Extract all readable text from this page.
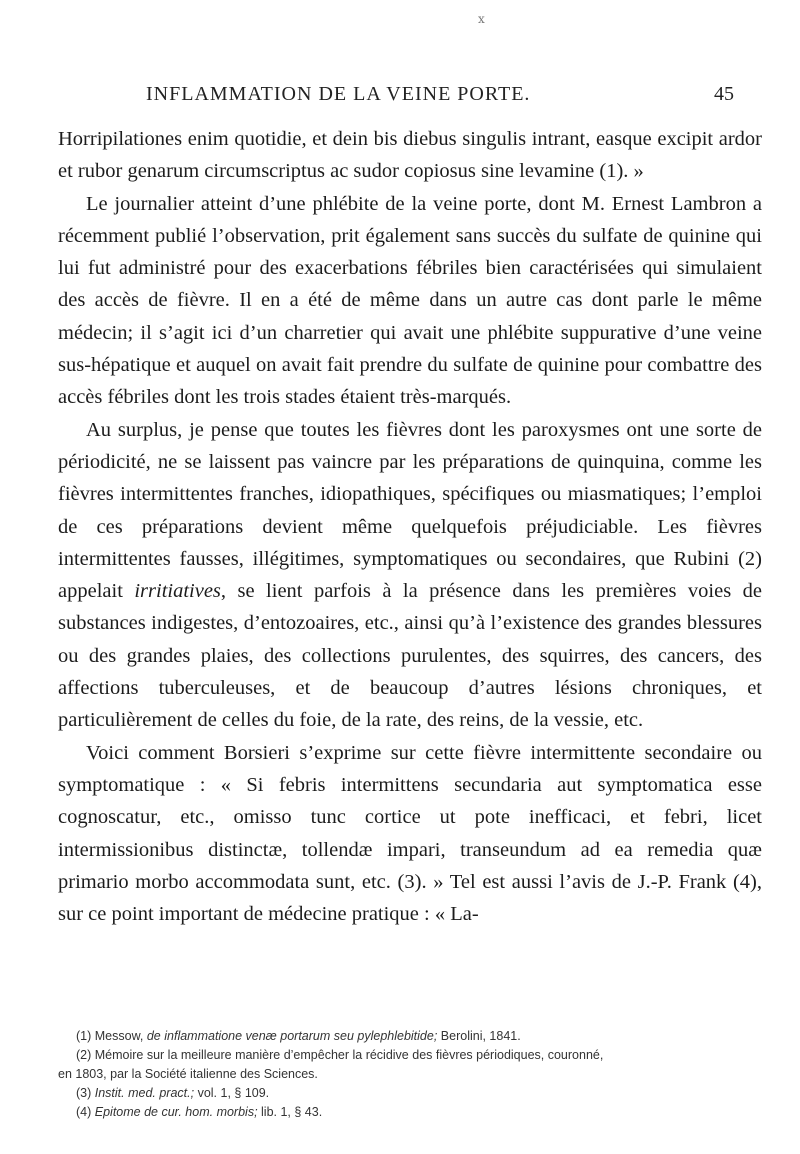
x
INFLAMMATION DE LA VEINE PORTE.	45

Horripilationes enim quotidie, et dein bis diebus singulis intrant, easque excipit ardor et rubor genarum circumscriptus ac sudor copiosus sine levamine (1). »

Le journalier atteint d’une phlébite de la veine porte, dont M. Ernest Lambron a récemment publié l’observation, prit également sans succès du sulfate de quinine qui lui fut administré pour des exacerbations fébriles bien caractérisées qui simulaient des accès de fièvre. Il en a été de même dans un autre cas dont parle le même médecin; il s’agit ici d’un charretier qui avait une phlébite suppurative d’une veine sus-hépatique et auquel on avait fait prendre du sulfate de quinine pour combattre des accès fébriles dont les trois stades étaient très-marqués.

Au surplus, je pense que toutes les fièvres dont les paroxysmes ont une sorte de périodicité, ne se laissent pas vaincre par les préparations de quinquina, comme les fièvres intermittentes franches, idiopathiques, spécifiques ou miasmatiques; l’emploi de ces préparations devient même quelquefois préjudiciable. Les fièvres intermittentes fausses, illégitimes, symptomatiques ou secondaires, que Rubini (2) appelait irritiatives, se lient parfois à la présence dans les premières voies de substances indigestes, d’entozoaires, etc., ainsi qu’à l’existence des grandes blessures ou des grandes plaies, des collections purulentes, des squirres, des cancers, des affections tuberculeuses, et de beaucoup d’autres lésions chroniques, et particulièrement de celles du foie, de la rate, des reins, de la vessie, etc.

Voici comment Borsieri s’exprime sur cette fièvre intermittente secondaire ou symptomatique : « Si febris intermittens secundaria aut symptomatica esse cognoscatur, etc., omisso tunc cortice ut pote inefficaci, et febri, licet intermissionibus distinctæ, tollendæ impari, transeundum ad ea remedia quæ primario morbo accommodata sunt, etc. (3). » Tel est aussi l’avis de J.-P. Frank (4), sur ce point important de médecine pratique : « La-

(1) Messow, de inflammatione venæ portarum seu pylephlebitide; Berolini, 1841.

(2) Mémoire sur la meilleure manière d’empêcher la récidive des fièvres périodiques, couronné,

en 1803, par la Société italienne des Sciences.

(3) Instit. med. pract.; vol. 1, § 109.

(4) Epitome de cur. hom. morbis; lib. 1, § 43.
